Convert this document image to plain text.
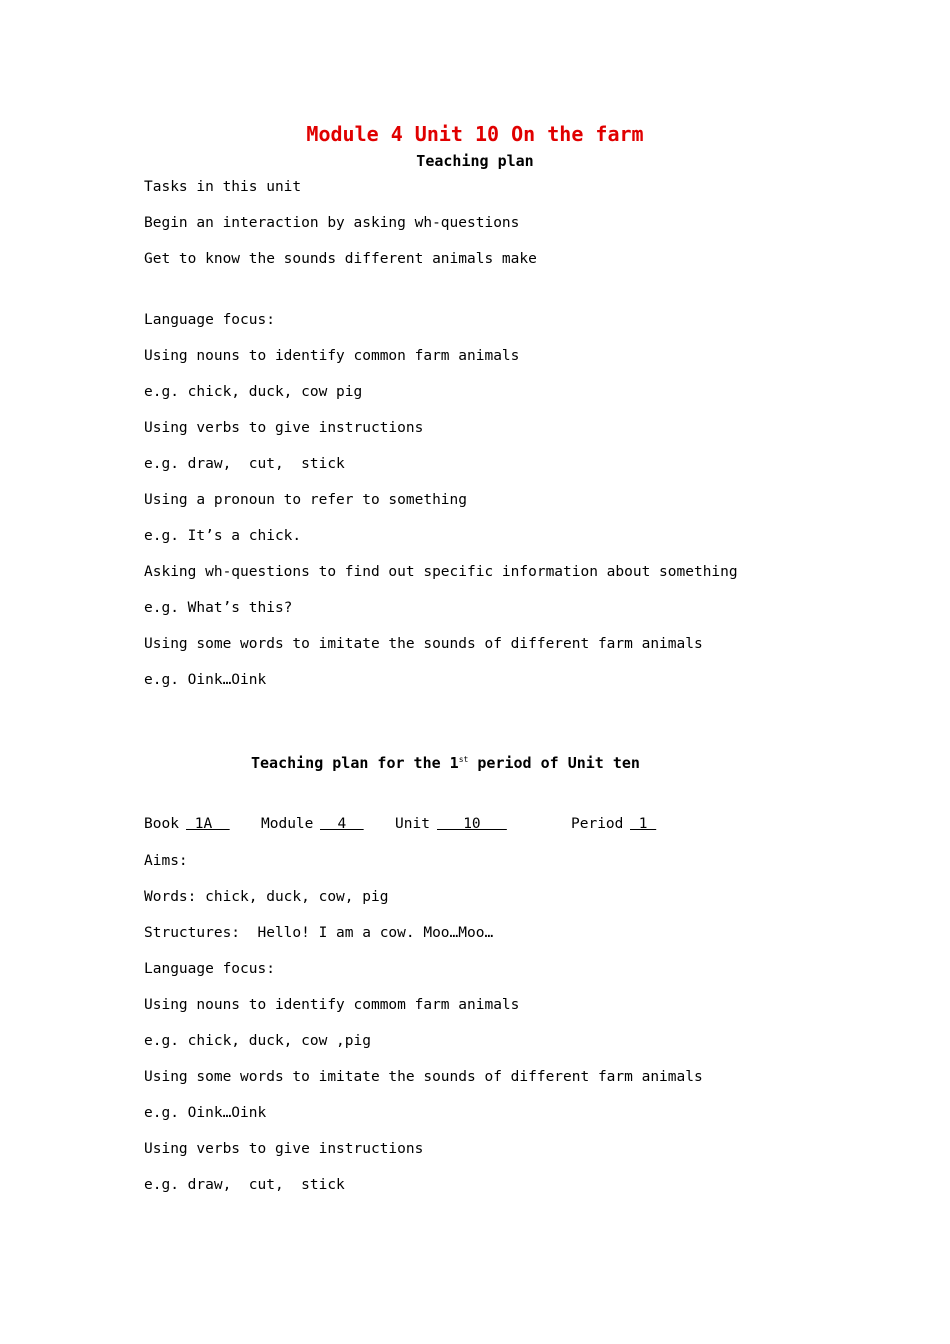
Module 4 Unit 10 On the farm
Teaching plan
Tasks in this unit
Begin an interaction by asking wh-questions
Get to know the sounds different animals make
Language focus:
Using nouns to identify common farm animals
e.g. chick, duck, cow pig
Using verbs to give instructions
e.g. draw,  cut,  stick
Using a pronoun to refer to something
e.g. It’s a chick.
Asking wh-questions to find out specific information about something
e.g. What’s this?
Using some words to imitate the sounds of different farm animals
e.g. Oink…Oink
Teaching plan for the 1st period of Unit ten
Book 1A Module 4 Unit 10	Period 1
Aims:
Words: chick, duck, cow, pig
Structures:  Hello! I am a cow. Moo…Moo…
Language focus:
Using nouns to identify commom farm animals
e.g. chick, duck, cow ,pig
Using some words to imitate the sounds of different farm animals
e.g. Oink…Oink
Using verbs to give instructions
e.g. draw,  cut,  stick
